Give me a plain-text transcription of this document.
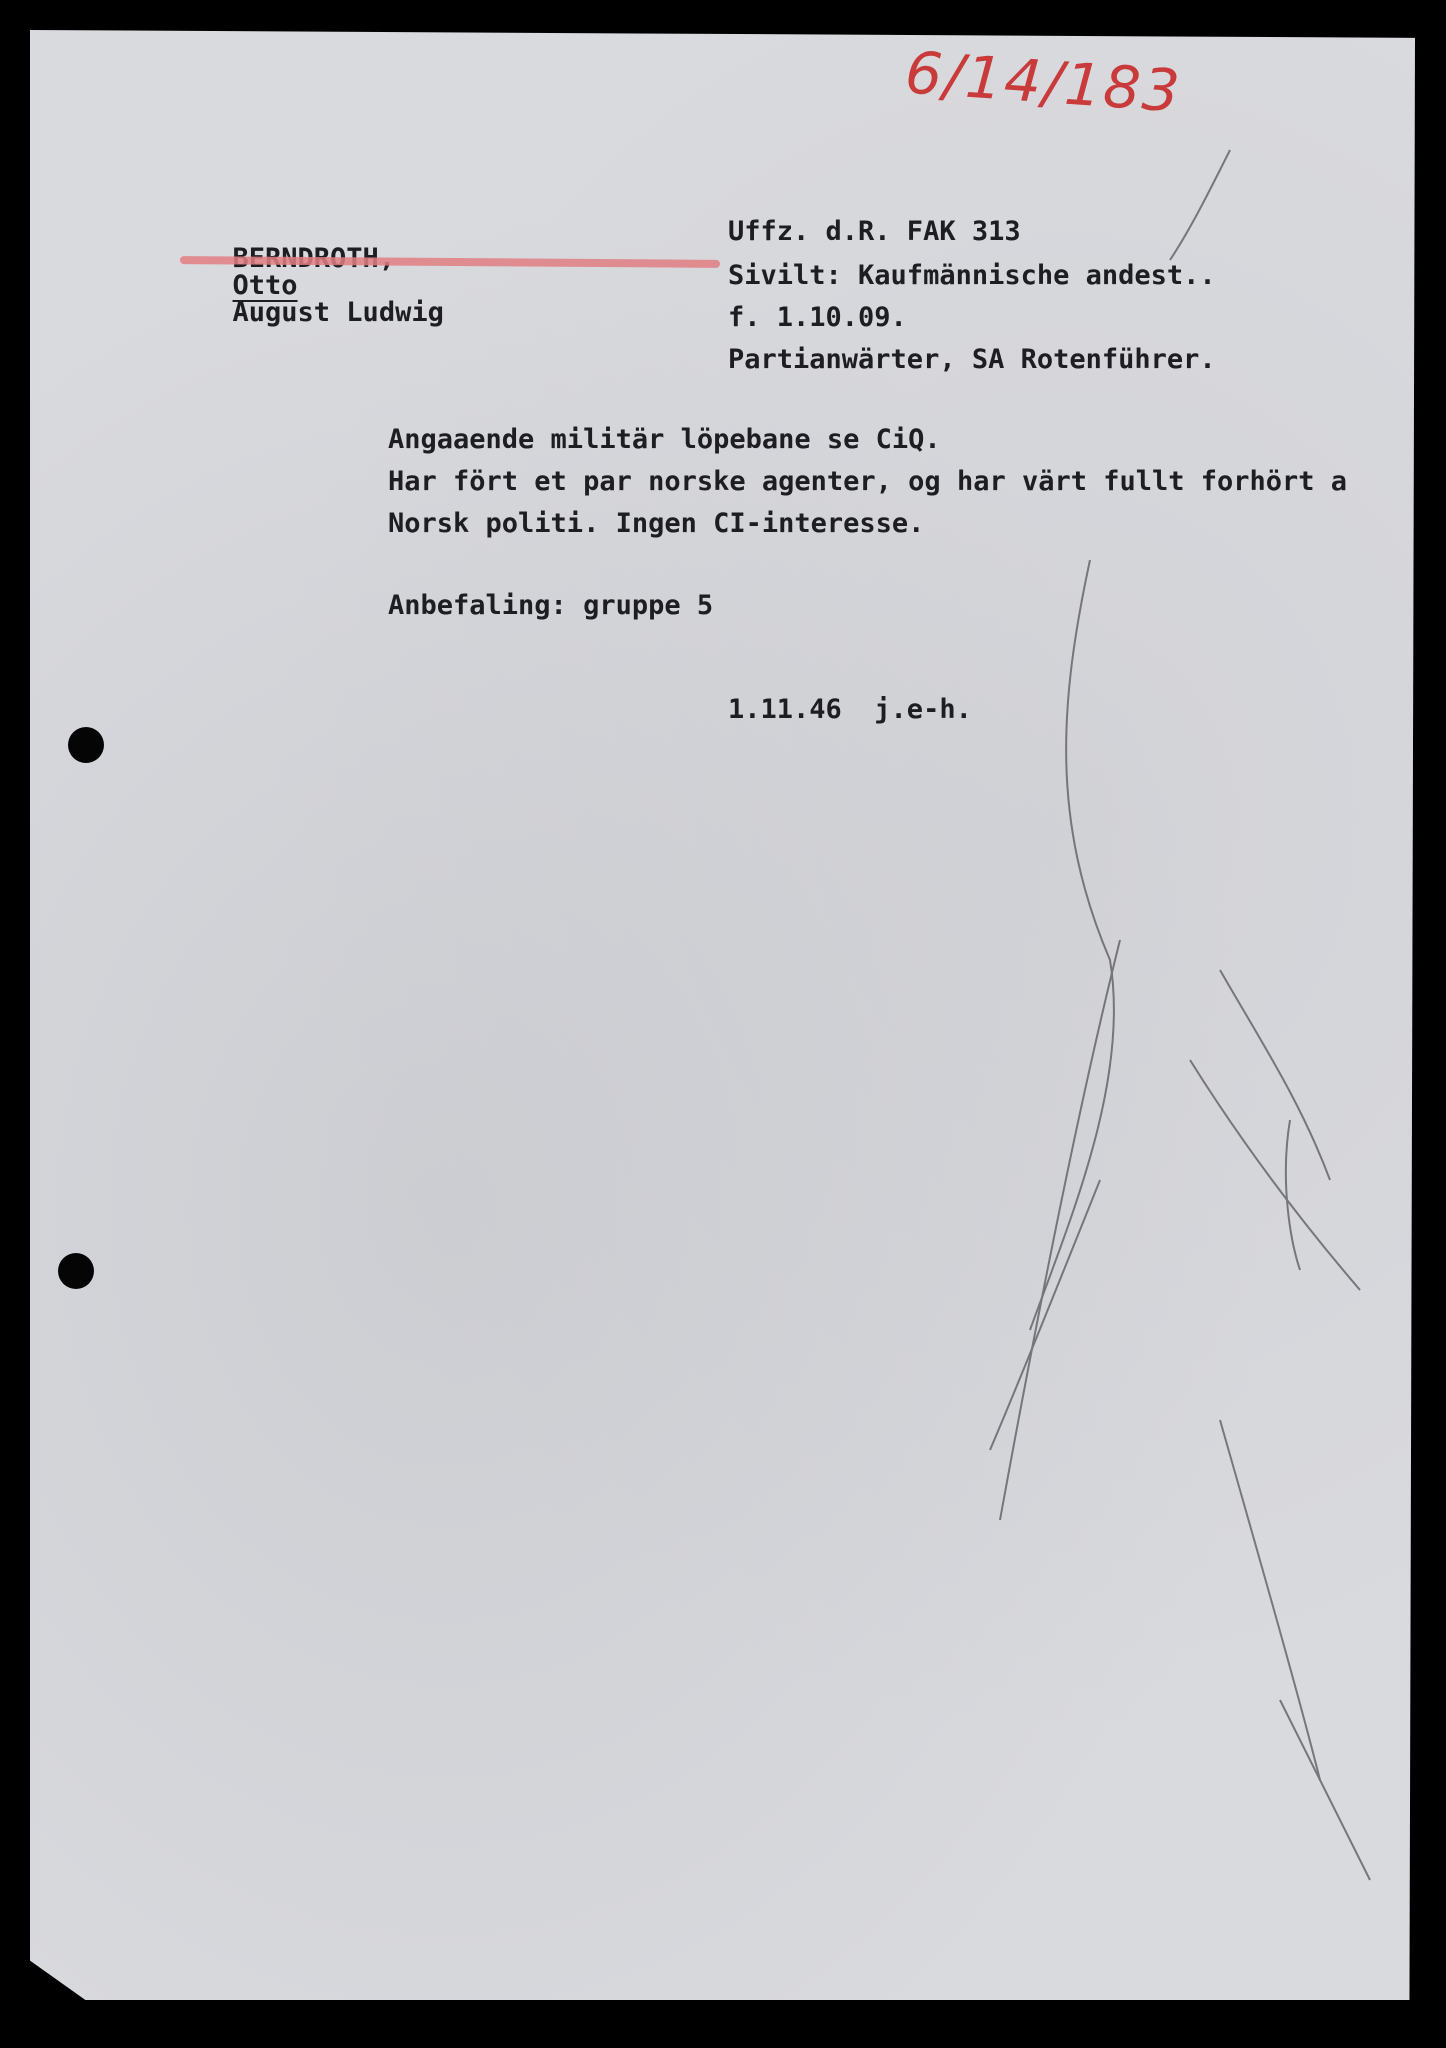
6/14/183

Otto
August Ludwig

Uffz. d.R. FAK 313
Sivilt: Kaufmännische andest..
f. 1.10.09.
Partianwärter, SA Rotenführer.
Angaaende militär löpebane se CiQ.
Har fört et par norske agenter, og har värt fullt forhört a
Norsk politi. Ingen CI-interesse.
Anbefaling: gruppe 5
1.11.46  j.e-h.
